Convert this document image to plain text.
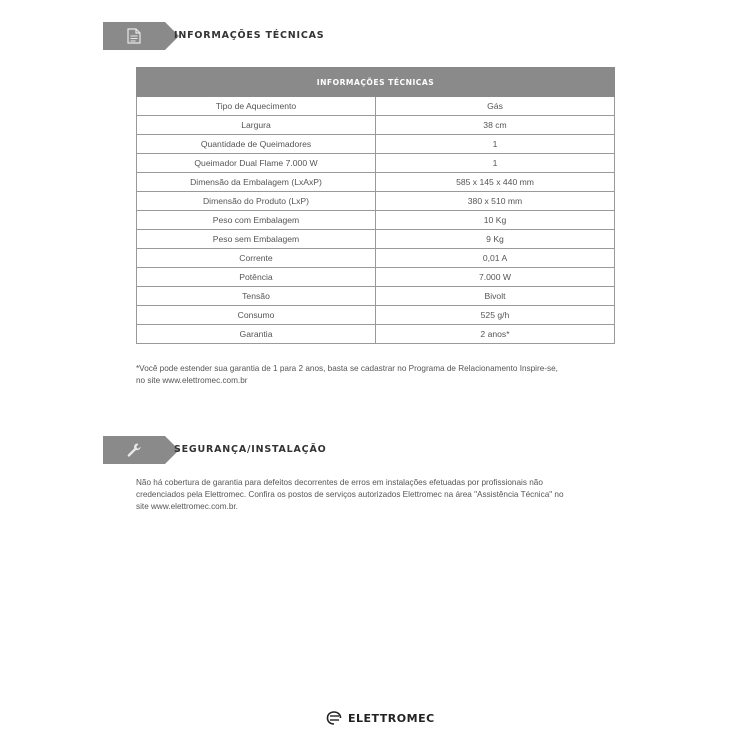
INFORMAÇÕES TÉCNICAS
INFORMAÇÕES TÉCNICAS	
Tipo de Aquecimento	Gás
Largura	38 cm
Quantidade de Queimadores	1
Queimador Dual Flame 7.000 W	1
Dimensão da Embalagem (LxAxP)	585 x 145 x 440 mm
Dimensão do Produto (LxP)	380 x 510 mm
Peso com Embalagem	10 Kg
Peso sem Embalagem	9 Kg
Corrente	0,01 A
Potência	7.000 W
Tensão	Bivolt
Consumo	525 g/h
Garantia	2 anos*
*Você pode estender sua garantia de 1 para 2 anos, basta se cadastrar no Programa de Relacionamento Inspire-se,
no site www.elettromec.com.br
SEGURANÇA/INSTALAÇÃO
Não há cobertura de garantia para defeitos decorrentes de erros em instalações efetuadas por profissionais não
credenciados pela Elettromec. Confira os postos de serviços autorizados Elettromec na área "Assistência Técnica" no
site www.elettromec.com.br.
ELETTROMEC
